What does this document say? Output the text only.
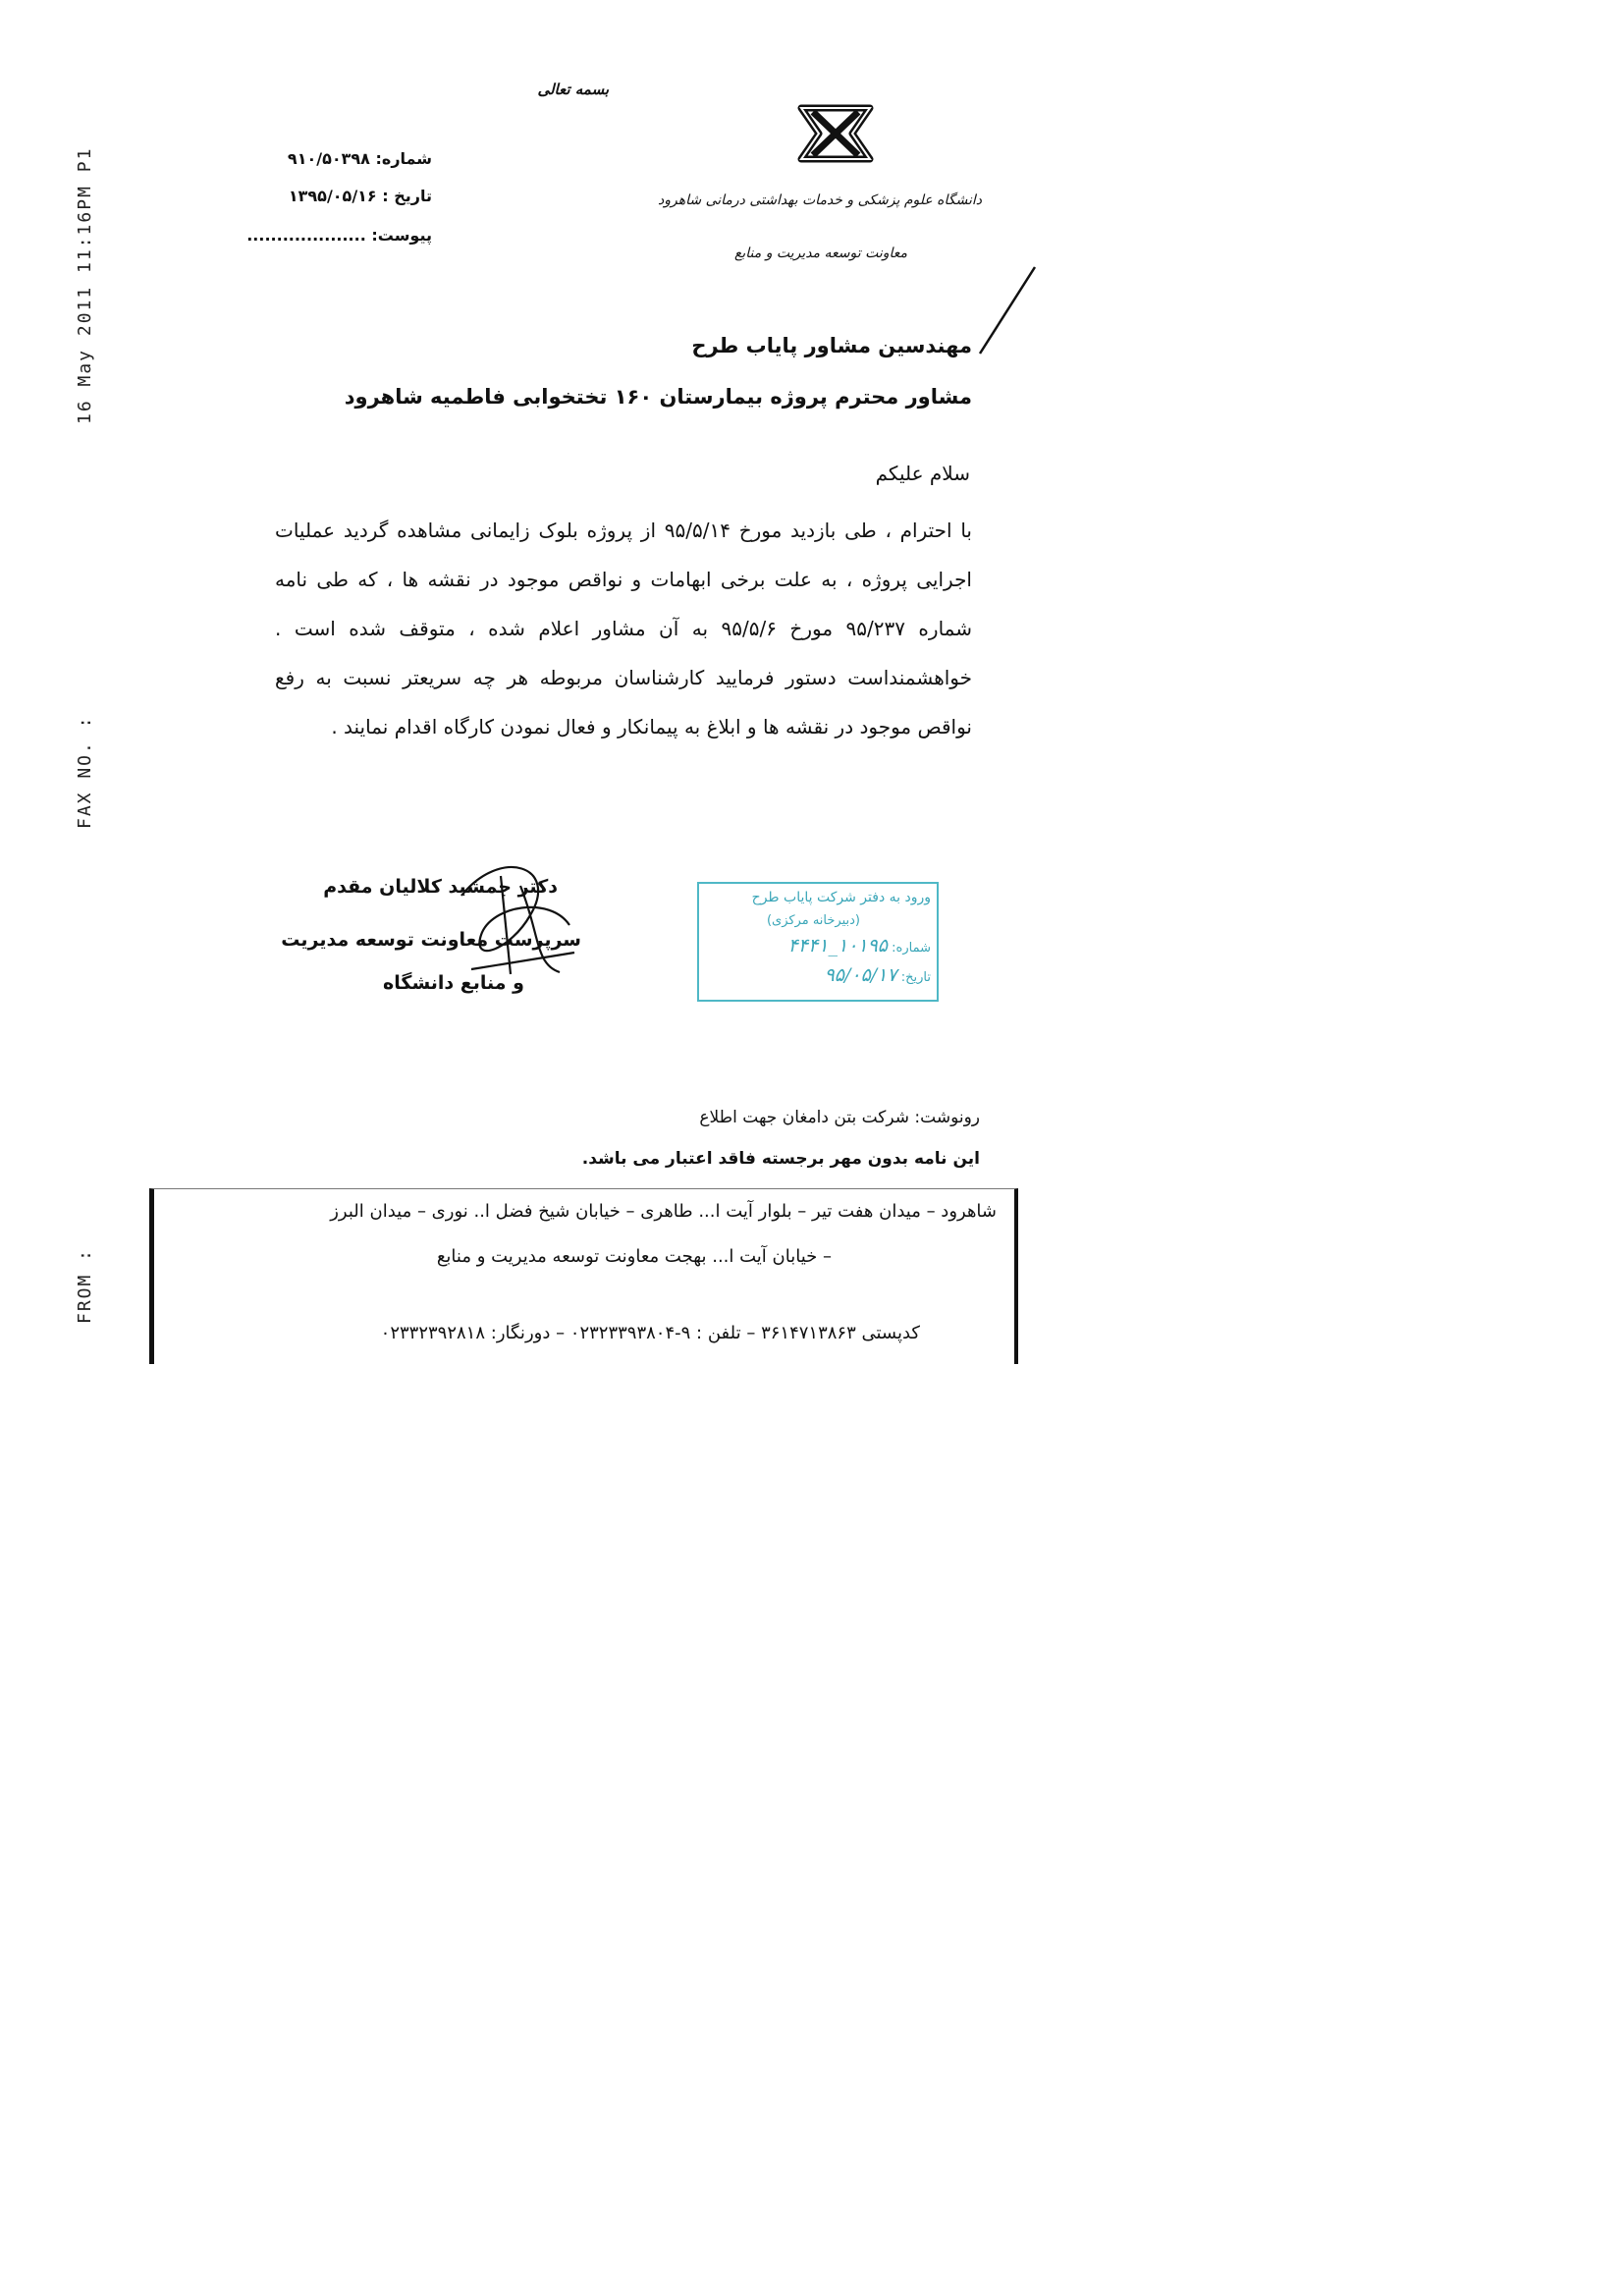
16 May 2011 11:16PM P1
FAX NO. :
FROM :
بسمه تعالی
دانشگاه علوم پزشکی و خدمات بهداشتی درمانی شاهرود
معاونت توسعه مدیریت و منابع
شماره: ۹۱۰/۵۰۳۹۸
تاریخ : ۱۳۹۵/۰۵/۱۶
پیوست: ....................
مهندسین مشاور پایاب طرح
مشاور محترم پروژه بیمارستان ۱۶۰ تختخوابی فاطمیه شاهرود
سلام علیکم
با احترام ، طی بازدید مورخ ۹۵/۵/۱۴ از پروژه بلوک زایمانی مشاهده گردید عملیات اجرایی پروژه ، به علت برخی ابهامات و نواقص موجود در نقشه ها ، که طی نامه شماره ۹۵/۲۳۷ مورخ ۹۵/۵/۶ به آن مشاور اعلام شده ، متوقف شده است . خواهشمنداست دستور فرمایید کارشناسان مربوطه هر چه سریعتر نسبت به رفع نواقص موجود در نقشه ها و ابلاغ به پیمانکار و فعال نمودن کارگاه اقدام نمایند .
دکتر جمشید کلالیان مقدم
سرپرست معاونت توسعه مدیریت
و منابع دانشگاه
ورود به دفتر شرکت پایاب طرح
(دبیرخانه مرکزی)
شماره: ۱۰۱۹۵_۴۴۴۱
تاریخ: ۹۵/۰۵/۱۷
رونوشت: شرکت بتن دامغان جهت اطلاع
این نامه بدون مهر برجسته فاقد اعتبار می باشد.
شاهرود – میدان هفت تیر – بلوار آیت ا... طاهری – خیابان شیخ فضل ا.. نوری – میدان البرز
– خیابان آیت ا... بهجت معاونت توسعه مدیریت و منابع
کدپستی ۳۶۱۴۷۱۳۸۶۳ – تلفن : ۹-۰۲۳۲۳۳۹۳۸۰۴ – دورنگار: ۰۲۳۳۲۳۹۲۸۱۸
